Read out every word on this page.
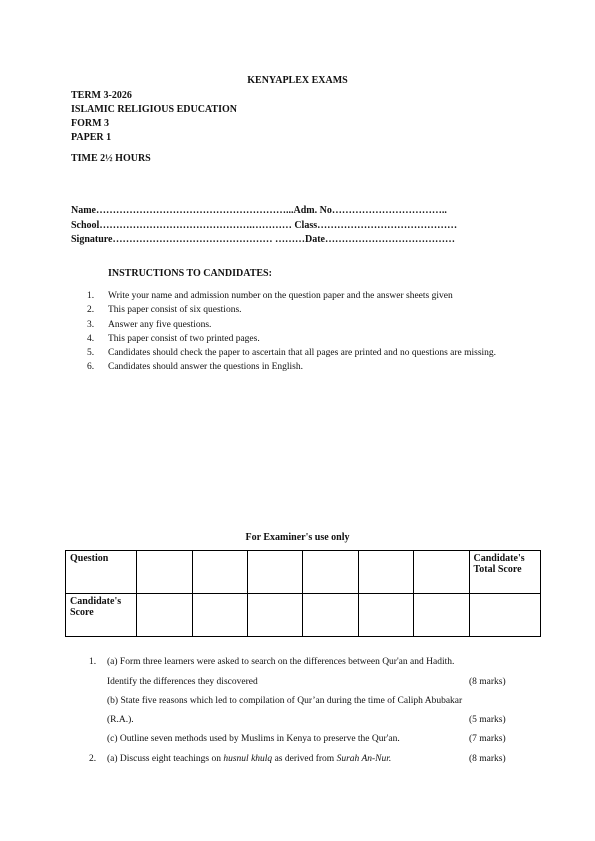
KENYAPLEX EXAMS
TERM 3-2026
ISLAMIC RELIGIOUS EDUCATION
FORM 3
PAPER 1
TIME 2½ HOURS
Name…………………………………………………...Adm. No……………………………..
School……………………………………….………… Class……………………………………
Signature………………………………………… ………Date…………………………………
INSTRUCTIONS TO CANDIDATES:
1. Write your name and admission number on the question paper and the answer sheets given
2. This paper consist of six questions.
3. Answer any five questions.
4. This paper consist of two printed pages.
5. Candidates should check the paper to ascertain that all pages are printed and no questions are missing.
6. Candidates should answer the questions in English.
For Examiner's use only
Question							Candidate's Total Score
Candidate's Score							
1. (a) Form three learners were asked to search on the differences between Qur'an and Hadith.
Identify the differences they discovered	(8 marks)
(b) State five reasons which led to compilation of Qur’an during the time of Caliph Abubakar
(R.A.).	(5 marks)
(c) Outline seven methods used by Muslims in Kenya to preserve the Qur'an.	(7 marks)
2. (a) Discuss eight teachings on husnul khulq as derived from Surah An-Nur.	(8 marks)
